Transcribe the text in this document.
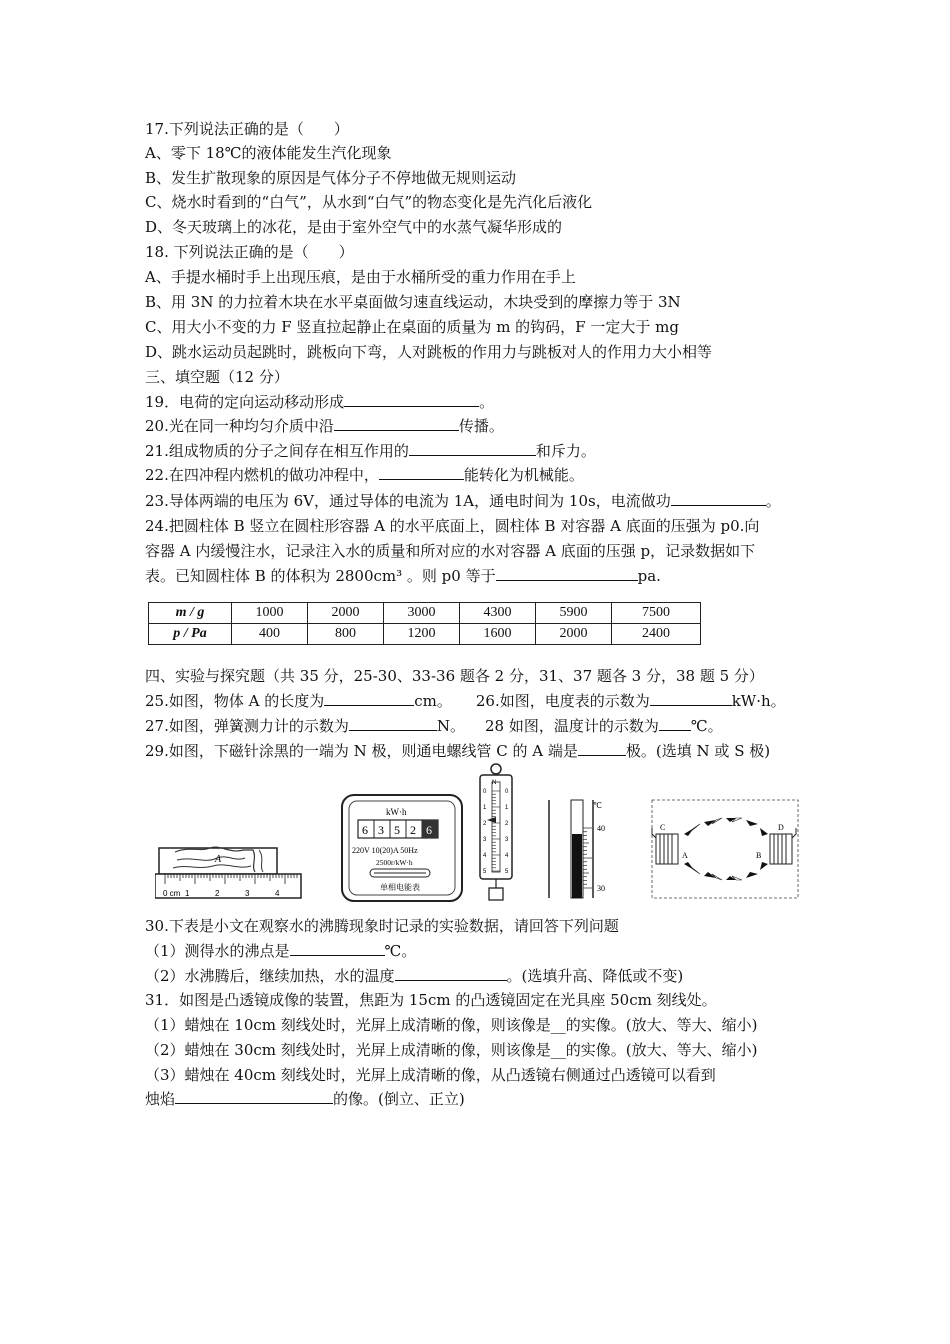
17.下列说法正确的是（　　）
A、零下 18℃的液体能发生汽化现象
B、发生扩散现象的原因是气体分子不停地做无规则运动
C、烧水时看到的“白气”，从水到“白气”的物态变化是先汽化后液化
D、冬天玻璃上的冰花，是由于室外空气中的水蒸气凝华形成的
18. 下列说法正确的是（　　）
A、手提水桶时手上出现压痕，是由于水桶所受的重力作用在手上
B、用 3N 的力拉着木块在水平桌面做匀速直线运动，木块受到的摩擦力等于 3N
C、用大小不变的力 F 竖直拉起静止在桌面的质量为 m 的钩码，F 一定大于 mg
D、跳水运动员起跳时，跳板向下弯，人对跳板的作用力与跳板对人的作用力大小相等
三、填空题（12 分）
19．电荷的定向运动移动形成	。
20.光在同一种均匀介质中沿	传播。
21.组成物质的分子之间存在相互作用的	和斥力。
22.在四冲程内燃机的做功冲程中，	能转化为机械能。
23.导体两端的电压为 6V，通过导体的电流为 1A，通电时间为 10s，电流做功	。
24.把圆柱体 B 竖立在圆柱形容器 A 的水平底面上，圆柱体 B 对容器 A 底面的压强为 p0.向
容器 A 内缓慢注水，记录注入水的质量和所对应的水对容器 A 底面的压强 p，记录数据如下
表。已知圆柱体 B 的体积为 2800cm³ 。则 p0 等于	pa.
m / g	1000	2000	3000	4300	5900	7500
p / Pa	400	800	1200	1600	2000	2400
四、实验与探究题（共 35 分，25-30、33-36 题各 2 分，31、37 题各 3 分，38 题 5 分）
25.如图，物体 A 的长度为	cm。 26.如图，电度表的示数为	kW·h。
27.如图，弹簧测力计的示数为	N。 28 如图，温度计的示数为 ℃。
29.如图，下磁针涂黑的一端为 N 极，则通电螺线管 C 的 A 端是	极。(选填 N 或 S 极)
A
0 cm 1	2	3	4
kW·h
6 3 5 2 6
220V 10(20)A 50Hz
2500r/kW·h
单相电能表
N
0
1
2
3
4
5
0
1
2
3
4
5
℃
40
30
C
A	B
D
30.下表是小文在观察水的沸腾现象时记录的实验数据，请回答下列问题
（1）测得水的沸点是	℃。
（2）水沸腾后，继续加热，水的温度	。(选填升高、降低或不变)
31．如图是凸透镜成像的装置，焦距为 15cm 的凸透镜固定在光具座 50cm 刻线处。
（1）蜡烛在 10cm 刻线处时，光屏上成清晰的像，则该像是__的实像。(放大、等大、缩小)
（2）蜡烛在 30cm 刻线处时，光屏上成清晰的像，则该像是__的实像。(放大、等大、缩小)
（3）蜡烛在 40cm 刻线处时，光屏上成清晰的像，从凸透镜右侧通过凸透镜可以看到
烛焰	的像。(倒立、正立)
